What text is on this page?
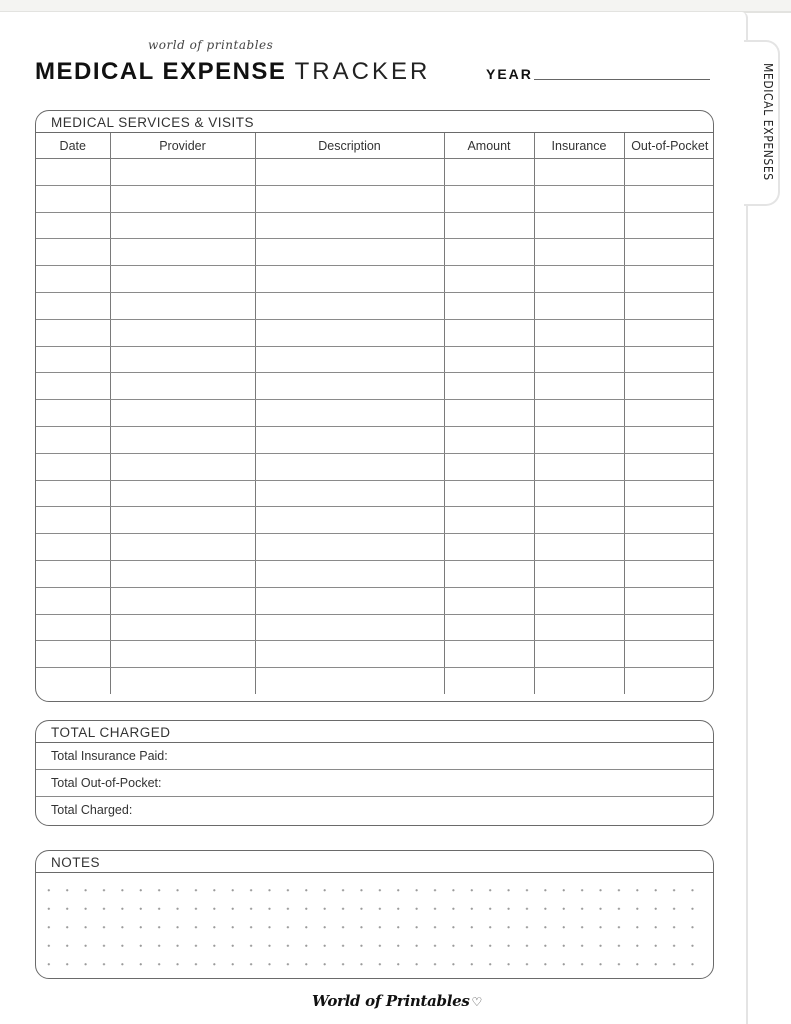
MEDICAL EXPENSES
world of printables
MEDICAL EXPENSE TRACKER	YEAR
MEDICAL SERVICES & VISITS
Date	Provider	Description	Amount	Insurance	Out-of-Pocket

TOTAL CHARGED
Total Insurance Paid:
Total Out-of-Pocket:
Total Charged:
NOTES
World of Printables ♡
